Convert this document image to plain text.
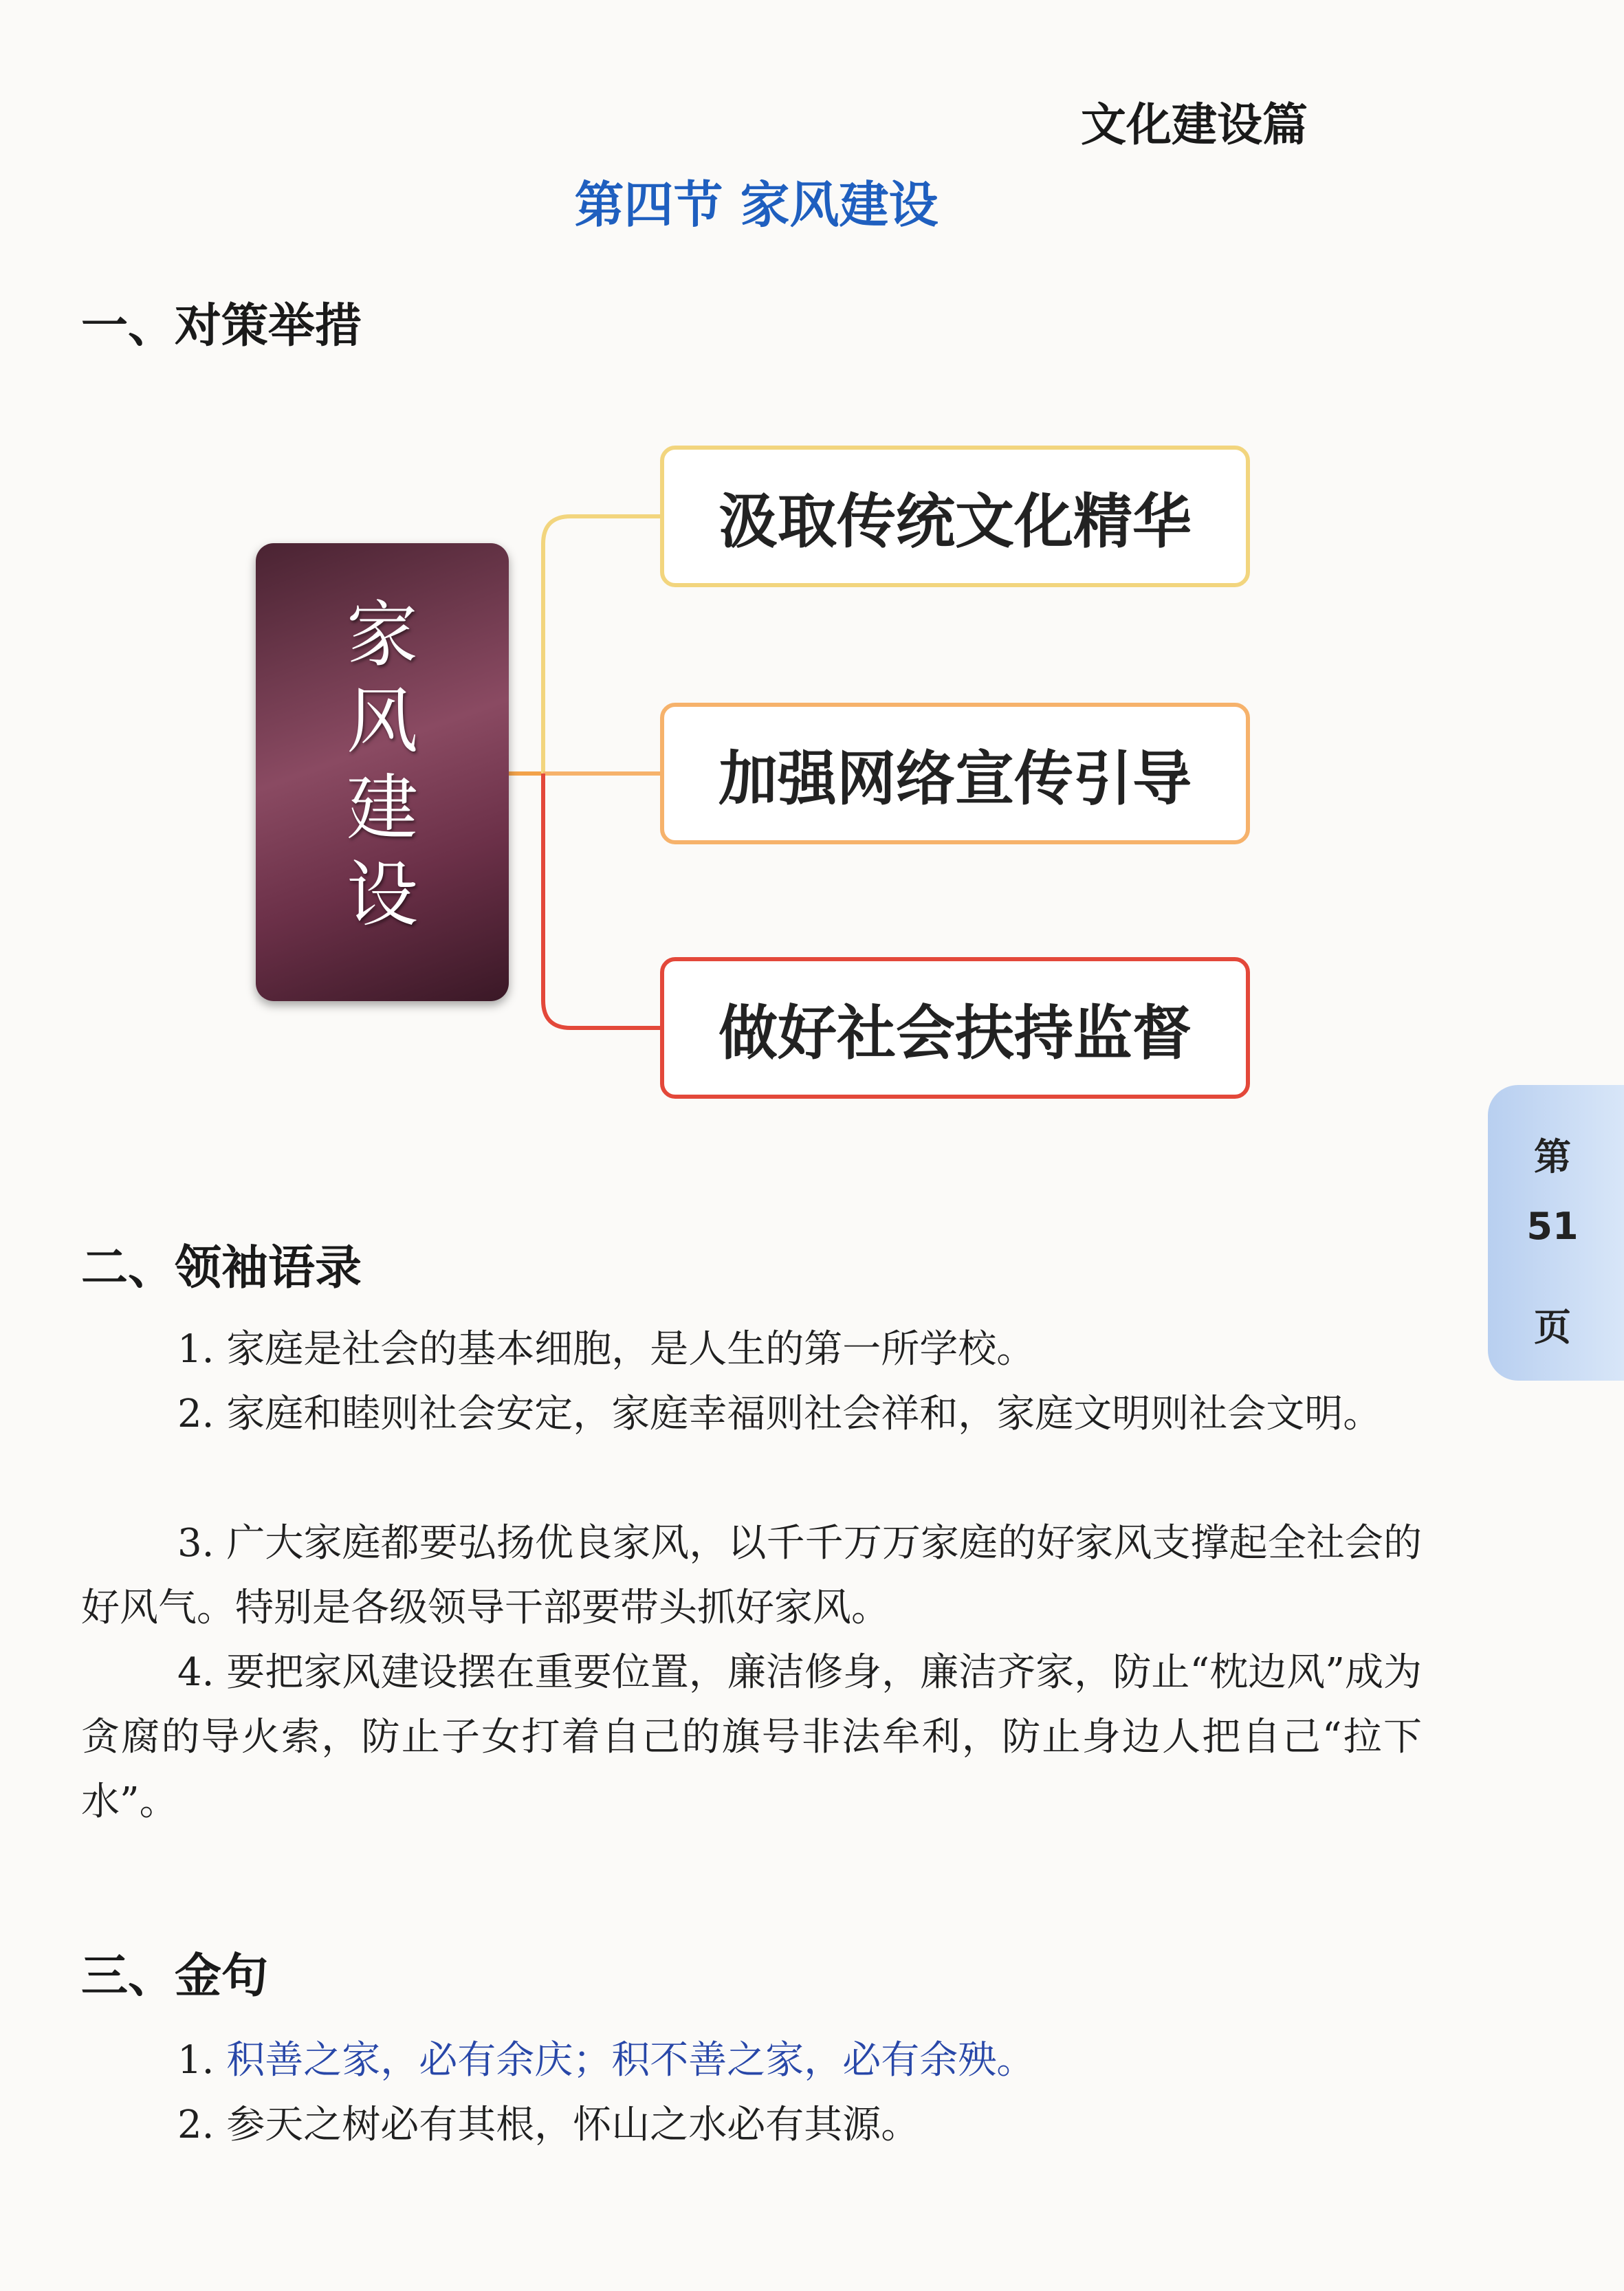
文化建设篇
第四节 家风建设
一、对策举措
家
风
建
设
汲取传统文化精华
加强网络宣传引导
做好社会扶持监督
第
51
页
二、领袖语录
1. 家庭是社会的基本细胞，是人生的第一所学校。
2. 家庭和睦则社会安定，家庭幸福则社会祥和，家庭文明则社会文明。
3. 广大家庭都要弘扬优良家风，以千千万万家庭的好家风支撑起全社会的好风气。特别是各级领导干部要带头抓好家风。
4. 要把家风建设摆在重要位置，廉洁修身，廉洁齐家，防止“枕边风”成为贪腐的导火索，防止子女打着自己的旗号非法牟利，防止身边人把自己“拉下水”。
三、金句
1. 积善之家，必有余庆；积不善之家，必有余殃。
2. 参天之树必有其根，怀山之水必有其源。
